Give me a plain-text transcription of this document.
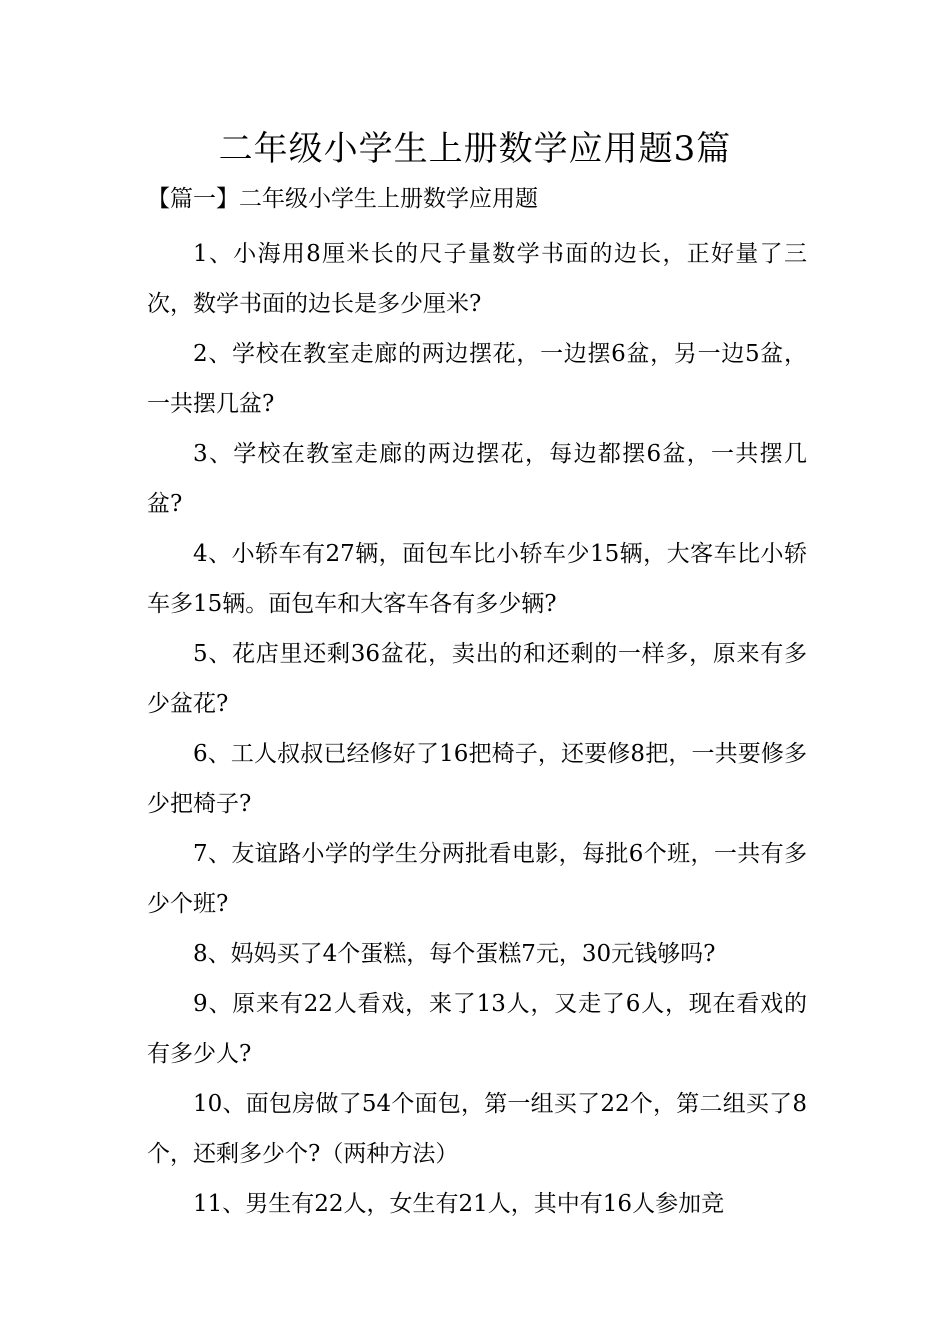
二年级小学生上册数学应用题3篇

【篇一】二年级小学生上册数学应用题

1、小海用8厘米长的尺子量数学书面的边长，正好量了三次，数学书面的边长是多少厘米?

2、学校在教室走廊的两边摆花，一边摆6盆，另一边5盆，一共摆几盆?

3、学校在教室走廊的两边摆花，每边都摆6盆，一共摆几盆?

4、小轿车有27辆，面包车比小轿车少15辆，大客车比小轿车多15辆。面包车和大客车各有多少辆?

5、花店里还剩36盆花，卖出的和还剩的一样多，原来有多少盆花?

6、工人叔叔已经修好了16把椅子，还要修8把，一共要修多少把椅子?

7、友谊路小学的学生分两批看电影，每批6个班，一共有多少个班?

8、妈妈买了4个蛋糕，每个蛋糕7元，30元钱够吗?

9、原来有22人看戏，来了13人，又走了6人，现在看戏的有多少人?

10、面包房做了54个面包，第一组买了22个，第二组买了8个，还剩多少个?（两种方法）

11、男生有22人，女生有21人，其中有16人参加竞
